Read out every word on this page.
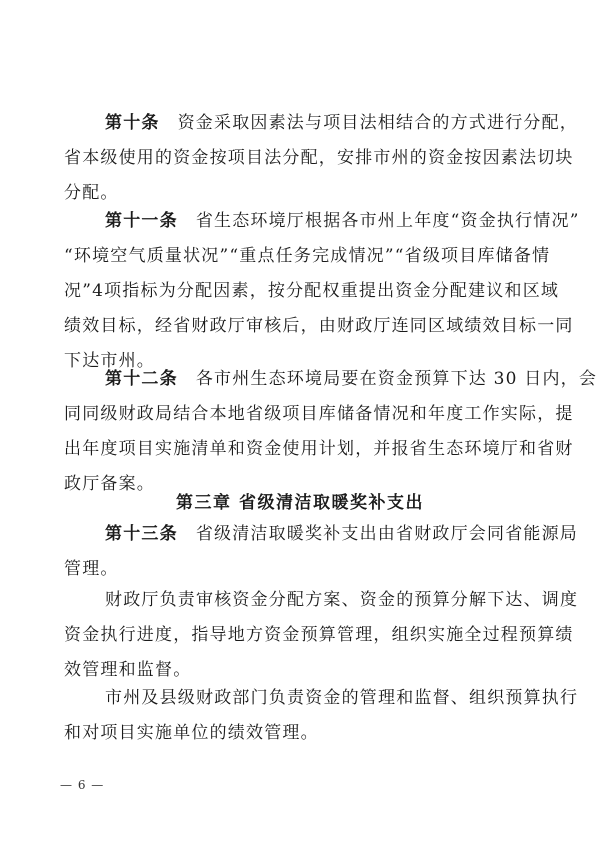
第十条 资金采取因素法与项目法相结合的方式进行分配，
省本级使用的资金按项目法分配，安排市州的资金按因素法切块
分配。
第十一条 省生态环境厅根据各市州上年度“资金执行情况”
“环境空气质量状况”“重点任务完成情况”“省级项目库储备情
况”4项指标为分配因素，按分配权重提出资金分配建议和区域
绩效目标，经省财政厅审核后，由财政厅连同区域绩效目标一同
下达市州。
第十二条 各市州生态环境局要在资金预算下达 30 日内，会
同同级财政局结合本地省级项目库储备情况和年度工作实际，提
出年度项目实施清单和资金使用计划，并报省生态环境厅和省财
政厅备案。
第三章 省级清洁取暖奖补支出
第十三条 省级清洁取暖奖补支出由省财政厅会同省能源局
管理。
财政厅负责审核资金分配方案、资金的预算分解下达、调度
资金执行进度，指导地方资金预算管理，组织实施全过程预算绩
效管理和监督。
市州及县级财政部门负责资金的管理和监督、组织预算执行
和对项目实施单位的绩效管理。
— 6 —
